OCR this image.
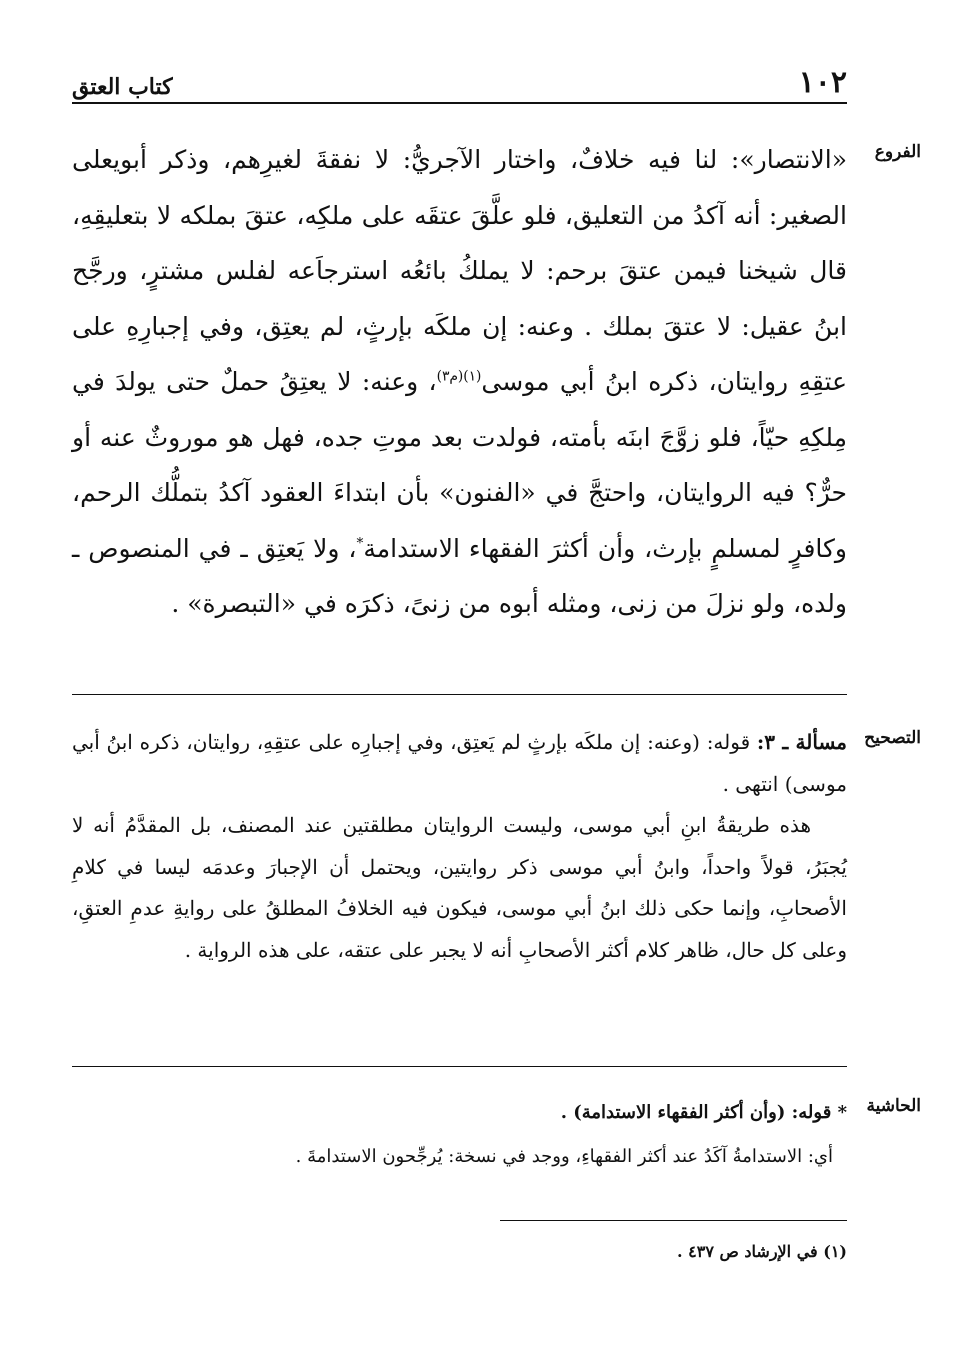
١٠٢
كتاب العتق
الفروع
«الانتصار»: لنا فيه خلافٌ، واختار الآجريُّ: لا نفقةَ لغيرِهم، وذكر أبويعلى الصغير: أنه آكدُ من التعليق، فلو علَّقَ عتقَه على ملكِه، عتقَ بملكه لا بتعليقِهِ، قال شيخنا فيمن عتقَ برحم: لا يملكُ بائعُه استرجاَعه لفلس مشترٍ، ورجَّح ابنُ عقيل: لا عتقَ بملك . وعنه: إن ملكَه بإرثٍ، لم يعتِق، وفي إجبارِهِ على عتقِهِ روايتان، ذكره ابنُ أبي موسى$^{(١)(م٣)}$، وعنه: لا يعتِقُ حملٌ حتى يولدَ في مِلكِهِ حيّاً، فلو زوَّجَ ابنَه بأمته، فولدت بعد موتِ جده، فهل هو موروثٌ عنه أو حرٌّ؟ فيه الروايتان، واحتجَّ في «الفنون» بأن ابتداءَ العقود آكدُ بتملُّك الرحم، وكافرٍ لمسلمٍ بإرث، وأن أكثرَ الفقهاء الاستدامة*، ولا يَعتِق ـ في المنصوص ـ ولده، ولو نزلَ من زنى، ومثله أبوه من زنىً، ذكرَه في «التبصرة» .
التصحيح

مسألة ـ ٣: قوله: (وعنه: إن ملكَه بإرثٍ لم يَعتِق، وفي إجبارِه على عتقِهِ، روايتان، ذكره ابنُ أبي موسى) انتهى .

هذه طريقةُ ابنِ أبي موسى، وليست الروايتان مطلقتين عند المصنف، بل المقدَّمُ أنه لا يُجبَرُ، قولاً واحداً، وابنُ أبي موسى ذكر روايتين، ويحتمل أن الإجبارَ وعدمَه ليسا في كلامِ الأصحابِ، وإنما حكى ذلك ابنُ أبي موسى، فيكون فيه الخلافُ المطلقُ على روايةِ عدمِ العتقِ، وعلى كل حال، ظاهر كلام أكثر الأصحابِ أنه لا يجبر على عتقه، على هذه الرواية .

الحاشية

* قوله: (وأن أكثر الفقهاء الاستدامة) .

أي: الاستدامةُ آكَدُ عند أكثر الفقهاءِ، ووجد في نسخة: يُرجِّحون الاستدامةَ .

(١) في الإرشاد ص ٤٣٧ .
